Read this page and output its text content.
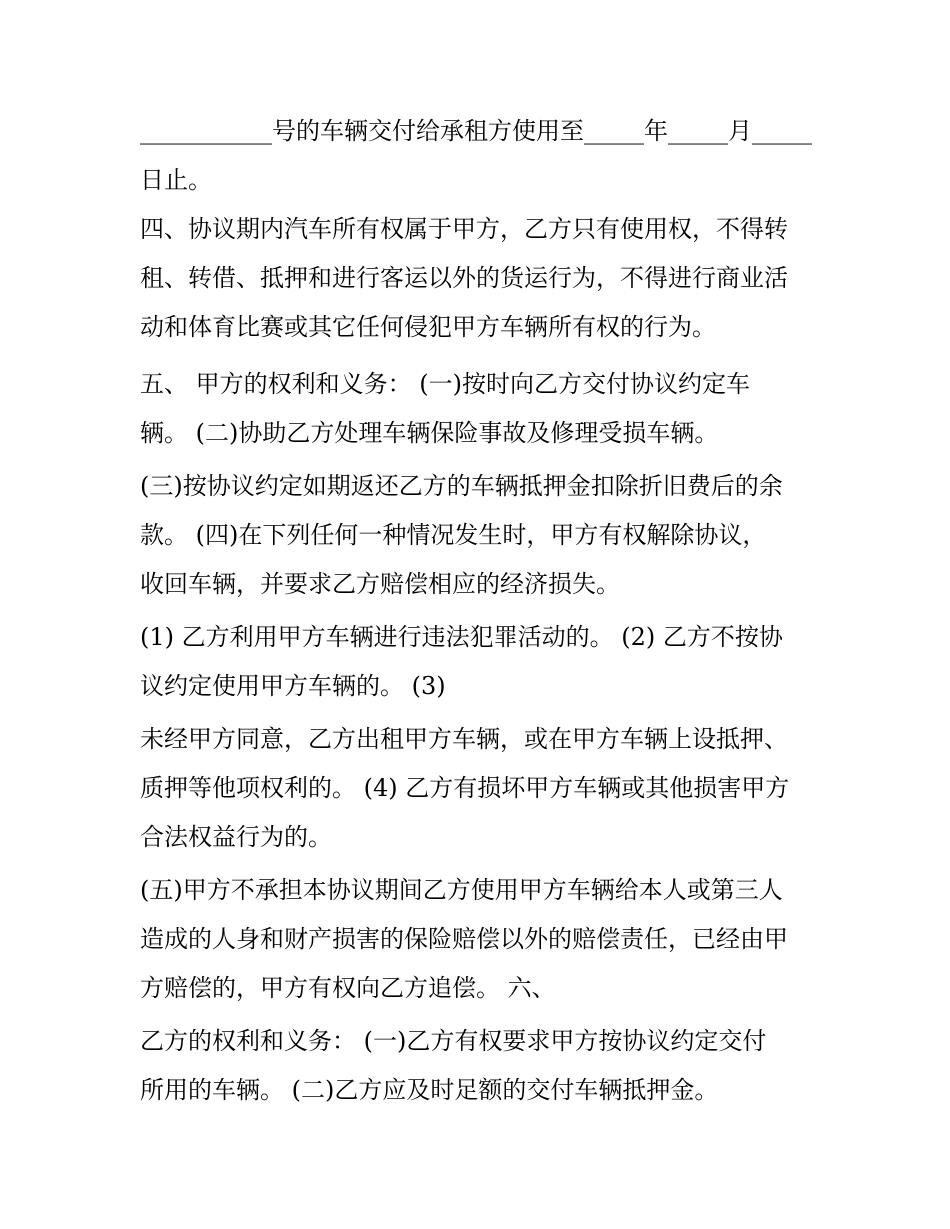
___________号的车辆交付给承租方使用至_____年_____月_____
日止。
四、协议期内汽车所有权属于甲方，乙方只有使用权，不得转
租、转借、抵押和进行客运以外的货运行为，不得进行商业活
动和体育比赛或其它任何侵犯甲方车辆所有权的行为。
五、 甲方的权利和义务： (一)按时向乙方交付协议约定车
辆。 (二)协助乙方处理车辆保险事故及修理受损车辆。
(三)按协议约定如期返还乙方的车辆抵押金扣除折旧费后的余
款。 (四)在下列任何一种情况发生时，甲方有权解除协议，
收回车辆，并要求乙方赔偿相应的经济损失。
(1) 乙方利用甲方车辆进行违法犯罪活动的。 (2) 乙方不按协
议约定使用甲方车辆的。 (3)
未经甲方同意，乙方出租甲方车辆，或在甲方车辆上设抵押、
质押等他项权利的。 (4) 乙方有损坏甲方车辆或其他损害甲方
合法权益行为的。
(五)甲方不承担本协议期间乙方使用甲方车辆给本人或第三人
造成的人身和财产损害的保险赔偿以外的赔偿责任，已经由甲
方赔偿的，甲方有权向乙方追偿。 六、
乙方的权利和义务： (一)乙方有权要求甲方按协议约定交付
所用的车辆。 (二)乙方应及时足额的交付车辆抵押金。
